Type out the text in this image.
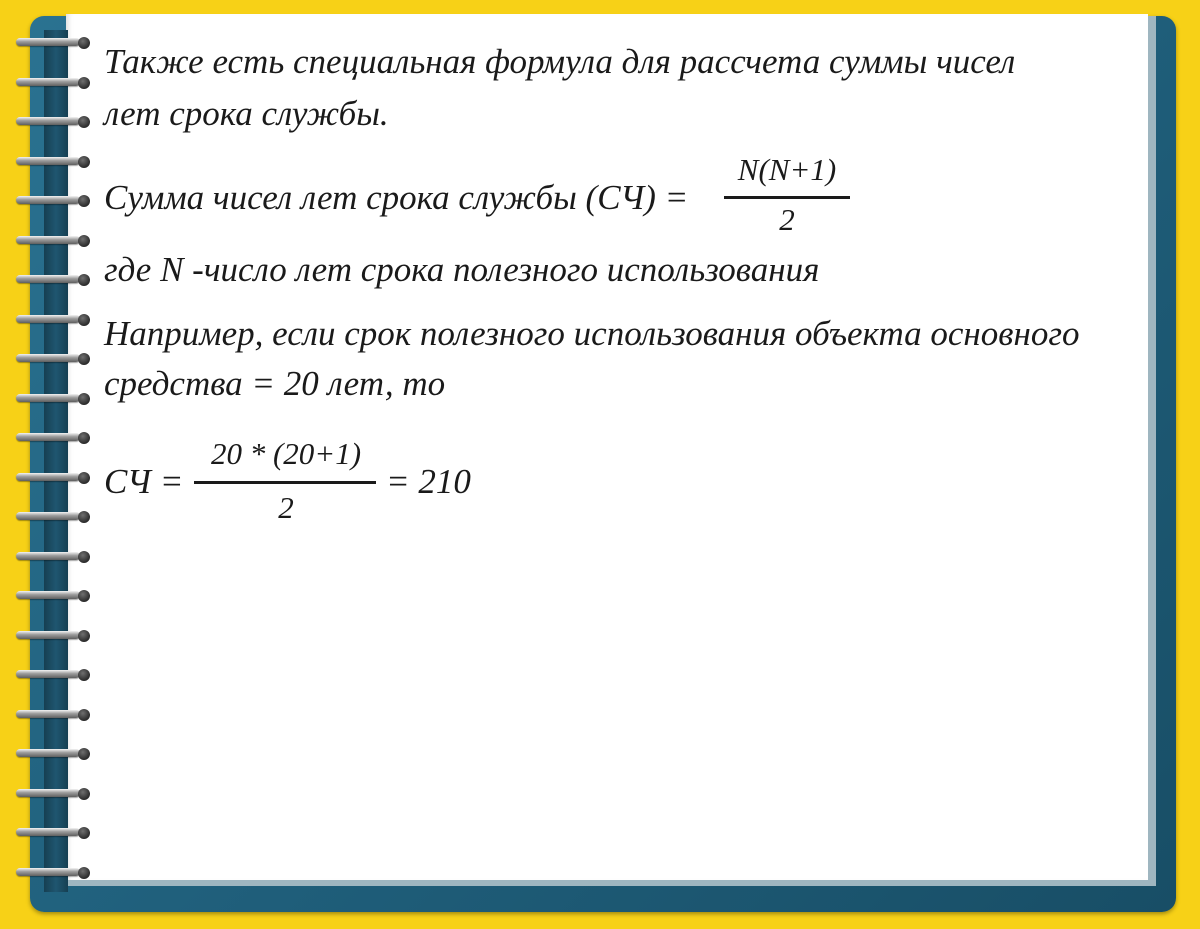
Также есть специальная формула для рассчета суммы чисел
лет срока службы.
Сумма чисел лет срока службы (СЧ) =
N(N+1)
2
где N -число лет срока полезного использования
Например, если срок полезного использования объекта основного
средства = 20 лет, то
СЧ =
20 * (20+1)
2
= 210
